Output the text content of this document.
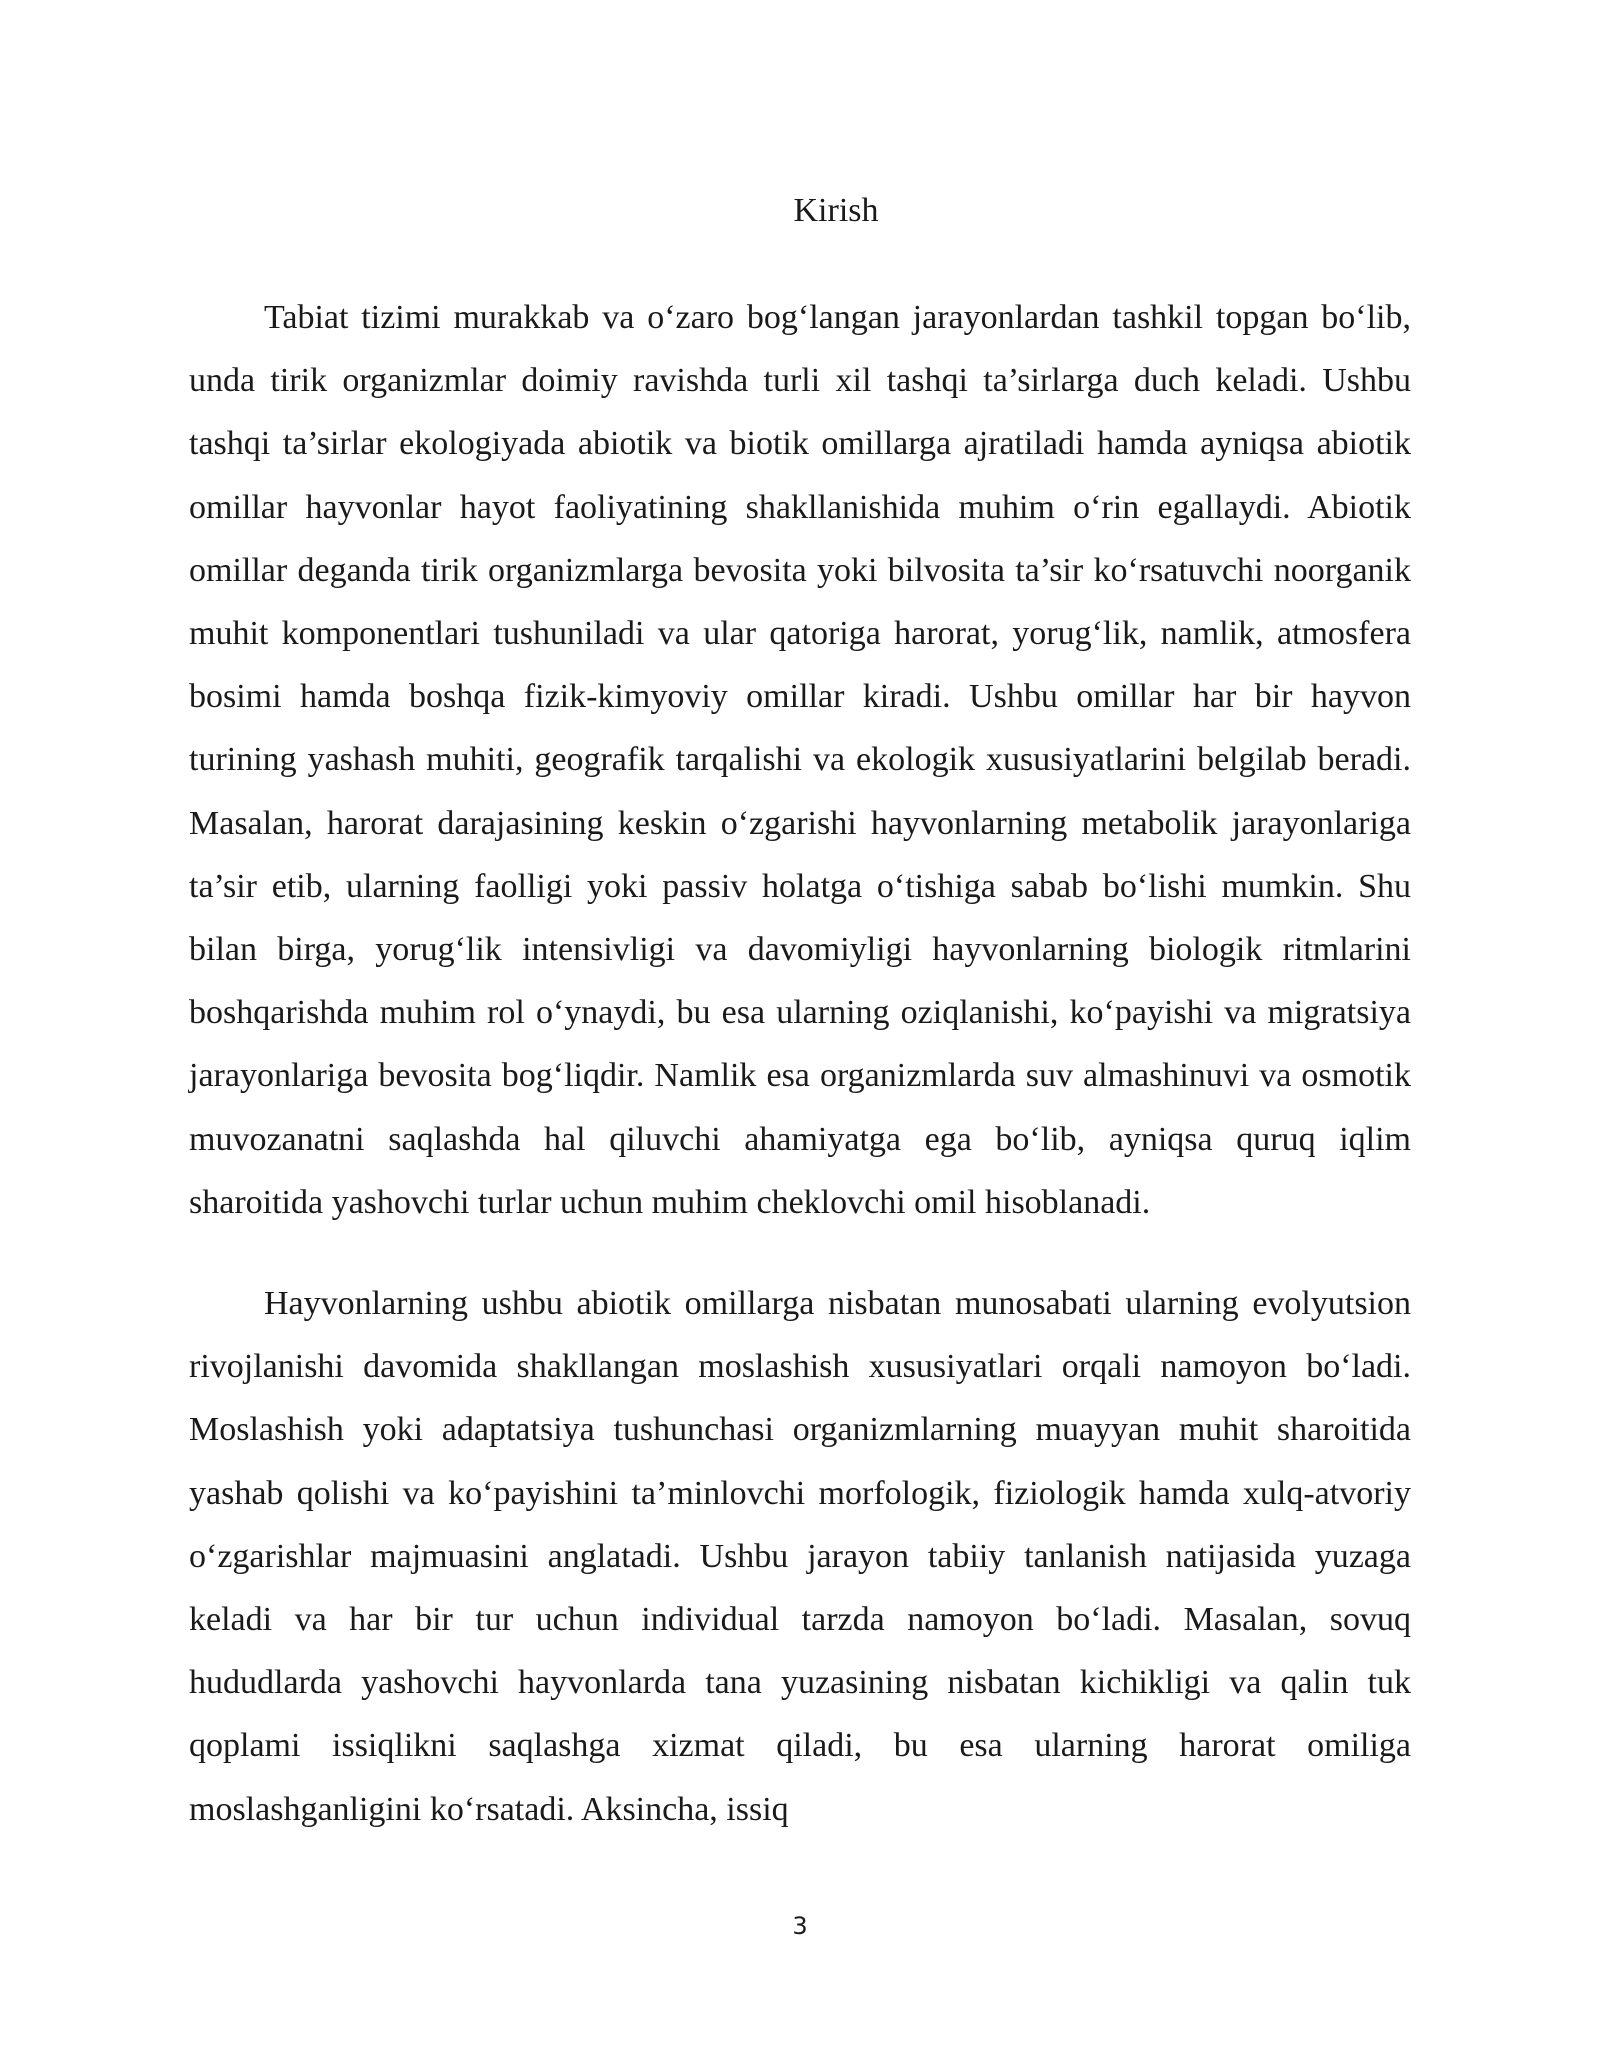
Kirish

Tabiat tizimi murakkab va o‘zaro bog‘langan jarayonlardan tashkil topgan bo‘lib, unda tirik organizmlar doimiy ravishda turli xil tashqi ta’sirlarga duch keladi. Ushbu tashqi ta’sirlar ekologiyada abiotik va biotik omillarga ajratiladi hamda ayniqsa abiotik omillar hayvonlar hayot faoliyatining shakllanishida muhim o‘rin egallaydi. Abiotik omillar deganda tirik organizmlarga bevosita yoki bilvosita ta’sir ko‘rsatuvchi noorganik muhit komponentlari tushuniladi va ular qatoriga harorat, yorug‘lik, namlik, atmosfera bosimi hamda boshqa fizik-kimyoviy omillar kiradi. Ushbu omillar har bir hayvon turining yashash muhiti, geografik tarqalishi va ekologik xususiyatlarini belgilab beradi. Masalan, harorat darajasining keskin o‘zgarishi hayvonlarning metabolik jarayonlariga ta’sir etib, ularning faolligi yoki passiv holatga o‘tishiga sabab bo‘lishi mumkin. Shu bilan birga, yorug‘lik intensivligi va davomiyligi hayvonlarning biologik ritmlarini boshqarishda muhim rol o‘ynaydi, bu esa ularning oziqlanishi, ko‘payishi va migratsiya jarayonlariga bevosita bog‘liqdir. Namlik esa organizmlarda suv almashinuvi va osmotik muvozanatni saqlashda hal qiluvchi ahamiyatga ega bo‘lib, ayniqsa quruq iqlim sharoitida yashovchi turlar uchun muhim cheklovchi omil hisoblanadi.

Hayvonlarning ushbu abiotik omillarga nisbatan munosabati ularning evolyutsion rivojlanishi davomida shakllangan moslashish xususiyatlari orqali namoyon bo‘ladi. Moslashish yoki adaptatsiya tushunchasi organizmlarning muayyan muhit sharoitida yashab qolishi va ko‘payishini ta’minlovchi morfologik, fiziologik hamda xulq-atvoriy o‘zgarishlar majmuasini anglatadi. Ushbu jarayon tabiiy tanlanish natijasida yuzaga keladi va har bir tur uchun individual tarzda namoyon bo‘ladi. Masalan, sovuq hududlarda yashovchi hayvonlarda tana yuzasining nisbatan kichikligi va qalin tuk qoplami issiqlikni saqlashga xizmat qiladi, bu esa ularning harorat omiliga moslashganligini ko‘rsatadi. Aksincha, issiq

3
